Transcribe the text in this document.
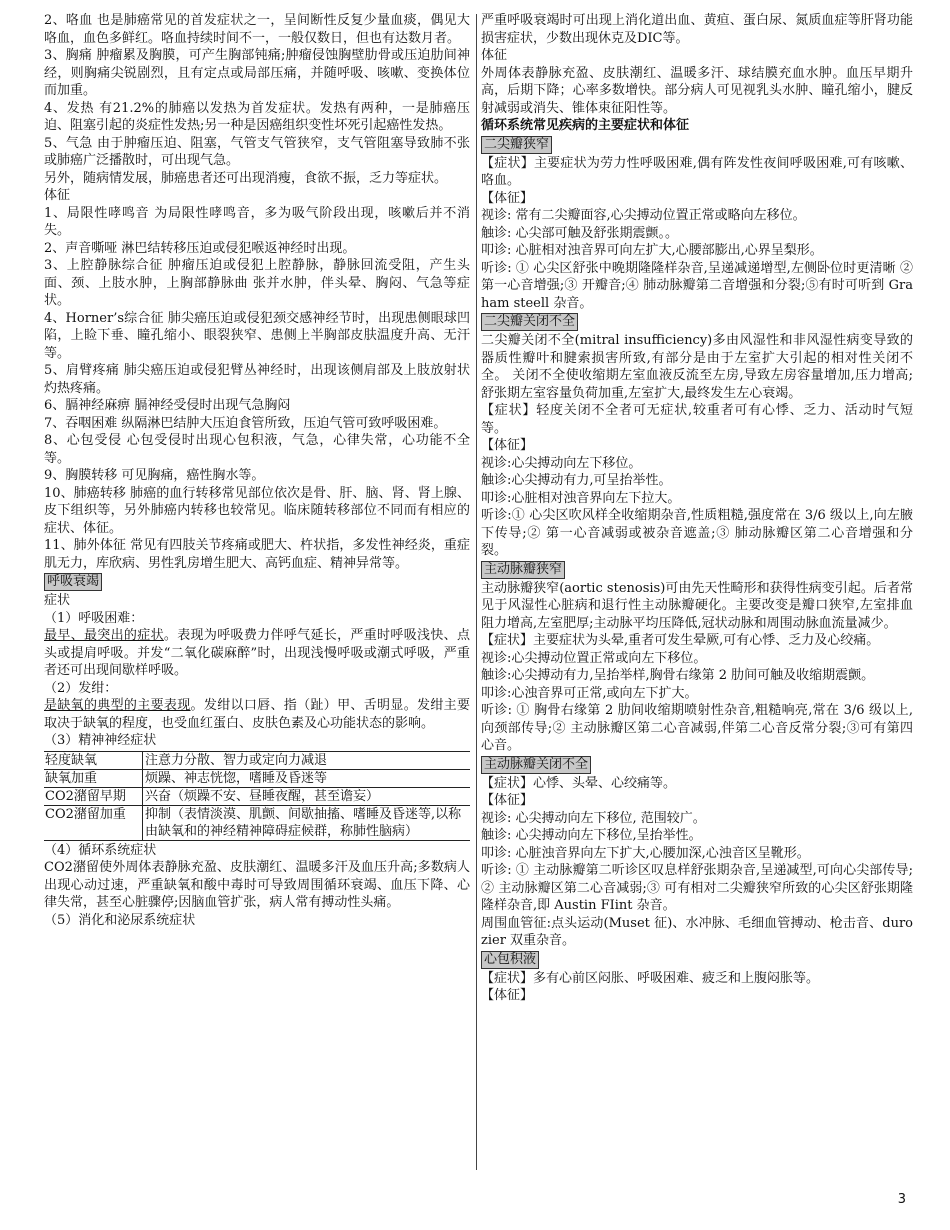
2、咯血 也是肺癌常见的首发症状之一，呈间断性反复少量血痰，偶见大咯血，血色多鲜红。咯血持续时间不一，一般仅数日，但也有达数月者。

3、胸痛 肿瘤累及胸膜，可产生胸部钝痛;肿瘤侵蚀胸壁肋骨或压迫肋间神经，则胸痛尖锐剧烈，且有定点或局部压痛，并随呼吸、咳嗽、变换体位而加重。

4、发热 有21.2%的肺癌以发热为首发症状。发热有两种，一是肺癌压迫、阻塞引起的炎症性发热;另一种是因癌组织变性坏死引起癌性发热。

5、气急 由于肿瘤压迫、阻塞，气管支气管狭窄，支气管阻塞导致肺不张或肺癌广泛播散时，可出现气急。

另外，随病情发展，肺癌患者还可出现消瘦，食欲不振，乏力等症状。

体征

1、局限性哮鸣音 为局限性哮鸣音，多为吸气阶段出现，咳嗽后并不消失。

2、声音嘶哑 淋巴结转移压迫或侵犯喉返神经时出现。

3、上腔静脉综合征 肿瘤压迫或侵犯上腔静脉，静脉回流受阻，产生头面、颈、上肢水肿，上胸部静脉曲 张并水肿，伴头晕、胸闷、气急等症状。

4、Horner’s综合征 肺尖癌压迫或侵犯颈交感神经节时，出现患侧眼球凹陷，上睑下垂、瞳孔缩小、眼裂狭窄、患侧上半胸部皮肤温度升高、无汗等。

5、肩臂疼痛 肺尖癌压迫或侵犯臂丛神经时，出现该侧肩部及上肢放射状灼热疼痛。

6、膈神经麻痹 膈神经受侵时出现气急胸闷

7、吞咽困难 纵隔淋巴结肿大压迫食管所致，压迫气管可致呼吸困难。

8、心包受侵 心包受侵时出现心包积液，气急，心律失常，心功能不全等。

9、胸膜转移 可见胸痛，癌性胸水等。

10、肺癌转移 肺癌的血行转移常见部位依次是骨、肝、脑、肾、肾上腺、皮下组织等，另外肺癌内转移也较常见。临床随转移部位不同而有相应的症状、体征。

11、肺外体征 常见有四肢关节疼痛或肥大、杵状指，多发性神经炎，重症肌无力，库欣病、男性乳房增生肥大、高钙血症、精神异常等。

呼吸衰竭

症状

（1）呼吸困难：

最早、最突出的症状。表现为呼吸费力伴呼气延长，严重时呼吸浅快、点头或提肩呼吸。并发“二氧化碳麻醉”时，出现浅慢呼吸或潮式呼吸，严重者还可出现间歇样呼吸。

（2）发绀：

是缺氧的典型的主要表现。发绀以口唇、指（趾）甲、舌明显。发绀主要取决于缺氧的程度，也受血红蛋白、皮肤色素及心功能状态的影响。

（3）精神神经症状

轻度缺氧	注意力分散、智力或定向力减退
缺氧加重	烦躁、神志恍惚，嗜睡及昏迷等
CO2潴留早期	兴奋（烦躁不安、昼睡夜醒，甚至谵妄）
CO2潴留加重	抑制（表情淡漠、肌颤、间歇抽搐、嗜睡及昏迷等,以称由缺氧和的神经精神障碍症候群，称肺性脑病）

（4）循环系统症状

CO2潴留使外周体表静脉充盈、皮肤潮红、温暖多汗及血压升高;多数病人出现心动过速，严重缺氧和酸中毒时可导致周围循环衰竭、血压下降、心律失常，甚至心脏骤停;因脑血管扩张，病人常有搏动性头痛。

（5）消化和泌尿系统症状

严重呼吸衰竭时可出现上消化道出血、黄疸、蛋白尿、氮质血症等肝肾功能损害症状，少数出现休克及DIC等。

体征

外周体表静脉充盈、皮肤潮红、温暖多汗、球结膜充血水肿。血压早期升高，后期下降；心率多数增快。部分病人可见视乳头水肿、瞳孔缩小，腱反射减弱或消失、锥体束征阳性等。

循环系统常见疾病的主要症状和体征

二尖瓣狭窄

【症状】主要症状为劳力性呼吸困难,偶有阵发性夜间呼吸困难,可有咳嗽、咯血。

【体征】

视诊: 常有二尖瓣面容,心尖搏动位置正常或略向左移位。

触诊: 心尖部可触及舒张期震颤。。

叩诊: 心脏相对浊音界可向左扩大,心腰部膨出,心界呈梨形。

听诊: ① 心尖区舒张中晚期隆隆样杂音,呈递减递增型,左侧卧位时更清晰 ②第一心音增强;③ 开瓣音;④ 肺动脉瓣第二音增强和分裂;⑤有时可听到 Graham steell 杂音。

二尖瓣关闭不全

二尖瓣关闭不全(mitral insufficiency)多由风湿性和非风湿性病变导致的器质性瓣叶和腱索损害所致,有部分是由于左室扩大引起的相对性关闭不全。 关闭不全使收缩期左室血液反流至左房,导致左房容量增加,压力增高;舒张期左室容量负荷加重,左室扩大,最终发生左心衰竭。

【症状】轻度关闭不全者可无症状,较重者可有心悸、乏力、活动时气短等。

【体征】

视诊:心尖搏动向左下移位。

触诊:心尖搏动有力,可呈抬举性。

叩诊:心脏相对浊音界向左下拉大。

听诊:① 心尖区吹风样全收缩期杂音,性质粗糙,强度常在 3/6 级以上,向左腋下传导;② 第一心音减弱或被杂音遮盖;③ 肺动脉瓣区第二心音增强和分裂。

主动脉瓣狭窄

主动脉瓣狭窄(aortic stenosis)可由先天性畸形和获得性病变引起。后者常见于风湿性心脏病和退行性主动脉瓣硬化。主要改变是瓣口狭窄,左室排血阻力增高,左室肥厚;主动脉平均压降低,冠状动脉和周围动脉血流量减少。

【症状】主要症状为头晕,重者可发生晕厥,可有心悸、乏力及心绞痛。

视诊:心尖搏动位置正常或向左下移位。

触诊:心尖搏动有力,呈抬举样,胸骨右缘第 2 肋间可触及收缩期震颤。

叩诊:心浊音界可正常,或向左下扩大。

听诊: ① 胸骨右缘第 2 肋间收缩期喷射性杂音,粗糙响亮,常在 3/6 级以上,向颈部传导;② 主动脉瓣区第二心音减弱,伴第二心音反常分裂;③可有第四心音。

主动脉瓣关闭不全

【症状】心悸、头晕、心绞痛等。

【体征】

视诊: 心尖搏动向左下移位, 范围较广。

触诊: 心尖搏动向左下移位,呈抬举性。

叩诊: 心脏浊音界向左下扩大,心腰加深,心浊音区呈靴形。

听诊: ① 主动脉瓣第二听诊区叹息样舒张期杂音,呈递减型,可向心尖部传导;② 主动脉瓣区第二心音减弱;③ 可有相对二尖瓣狭窄所致的心尖区舒张期隆隆样杂音,即 Austin FIint 杂音。

周围血管征:点头运动(Muset 征)、水冲脉、毛细血管搏动、枪击音、durozier 双重杂音。

心包积液

【症状】多有心前区闷胀、呼吸困难、疲乏和上腹闷胀等。

【体征】

3
